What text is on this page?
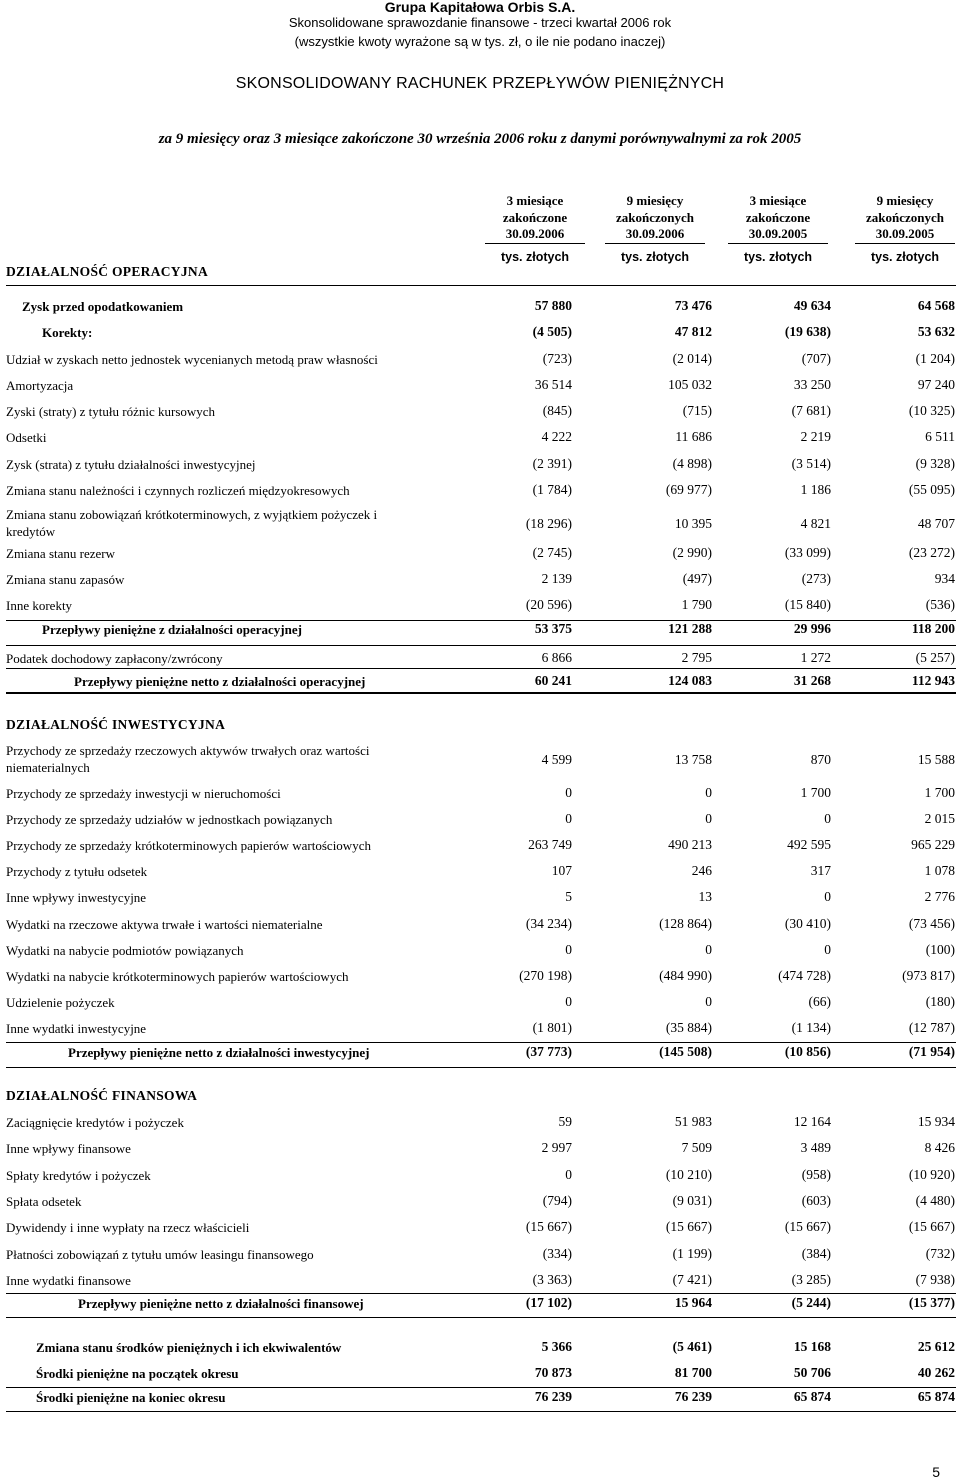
Grupa Kapitałowa Orbis S.A.
Skonsolidowane sprawozdanie finansowe - trzeci kwartał 2006 rok
(wszystkie kwoty wyrażone są w tys. zł, o ile nie podano inaczej)
SKONSOLIDOWANY RACHUNEK PRZEPŁYWÓW PIENIĘŻNYCH
za 9 miesięcy oraz 3 miesiące zakończone 30 września 2006 roku z danymi porównywalnymi za rok 2005
3 miesiące
zakończone

30.09.2006
tys. złotych
9 miesięcy
zakończonych

30.09.2006
tys. złotych
3 miesiące
zakończone

30.09.2005
tys. złotych
9 miesięcy
zakończonych

30.09.2005
tys. złotych
Zysk przed opodatkowaniem	57 880	73 476	49 634	64 568
Korekty:	(4 505)	47 812	(19 638)	53 632
Udział w zyskach netto jednostek wycenianych metodą praw własności	(723)	(2 014)	(707)	(1 204)
Amortyzacja	36 514	105 032	33 250	97 240
Zyski (straty) z tytułu różnic kursowych	(845)	(715)	(7 681)	(10 325)
Odsetki	4 222	11 686	2 219	6 511
Zysk (strata) z tytułu działalności inwestycyjnej	(2 391)	(4 898)	(3 514)	(9 328)
Zmiana stanu należności i czynnych rozliczeń międzyokresowych	(1 784)	(69 977)	1 186	(55 095)
Zmiana stanu zobowiązań krótkoterminowych, z wyjątkiem pożyczek i kredytów
(18 296)	10 395	4 821	48 707
Zmiana stanu rezerw	(2 745)	(2 990)	(33 099)	(23 272)
Zmiana stanu zapasów	2 139	(497)	(273)	934
Inne korekty	(20 596)	1 790	(15 840)	(536)
Przepływy pieniężne z działalności operacyjnej	53 375	121 288	29 996	118 200
Podatek dochodowy zapłacony/zwrócony	6 866	2 795	1 272	(5 257)
Przepływy pieniężne netto z działalności operacyjnej	60 241	124 083	31 268	112 943
Przychody ze sprzedaży rzeczowych aktywów trwałych oraz wartości niematerialnych
4 599	13 758	870	15 588
Przychody ze sprzedaży inwestycji w nieruchomości	0	0	1 700	1 700
Przychody ze sprzedaży udziałów w jednostkach powiązanych	0	0	0	2 015
Przychody ze sprzedaży krótkoterminowych papierów wartościowych	263 749	490 213	492 595	965 229
Przychody z tytułu odsetek	107	246	317	1 078
Inne wpływy inwestycyjne	5	13	0	2 776
Wydatki na rzeczowe aktywa trwałe i wartości niematerialne	(34 234)	(128 864)	(30 410)	(73 456)
Wydatki na nabycie podmiotów powiązanych	0	0	0	(100)
Wydatki na nabycie krótkoterminowych papierów wartościowych	(270 198)	(484 990)	(474 728)	(973 817)
Udzielenie pożyczek	0	0	(66)	(180)
Inne wydatki inwestycyjne	(1 801)	(35 884)	(1 134)	(12 787)
Przepływy pieniężne netto z działalności inwestycyjnej	(37 773)	(145 508)	(10 856)	(71 954)
Zaciągnięcie kredytów i pożyczek	59	51 983	12 164	15 934
Inne wpływy finansowe	2 997	7 509	3 489	8 426
Spłaty kredytów i pożyczek	0	(10 210)	(958)	(10 920)
Spłata odsetek	(794)	(9 031)	(603)	(4 480)
Dywidendy i inne wypłaty na rzecz właścicieli	(15 667)	(15 667)	(15 667)	(15 667)
Płatności zobowiązań z tytułu umów leasingu finansowego	(334)	(1 199)	(384)	(732)
Inne wydatki finansowe	(3 363)	(7 421)	(3 285)	(7 938)
Przepływy pieniężne netto z działalności finansowej	(17 102)	15 964	(5 244)	(15 377)
Zmiana stanu środków pieniężnych i ich ekwiwalentów	5 366	(5 461)	15 168	25 612
Środki pieniężne na początek okresu	70 873	81 700	50 706	40 262
Środki pieniężne na koniec okresu	76 239	76 239	65 874	65 874
DZIAŁALNOŚĆ OPERACYJNA
DZIAŁALNOŚĆ INWESTYCYJNA
DZIAŁALNOŚĆ FINANSOWA
5
